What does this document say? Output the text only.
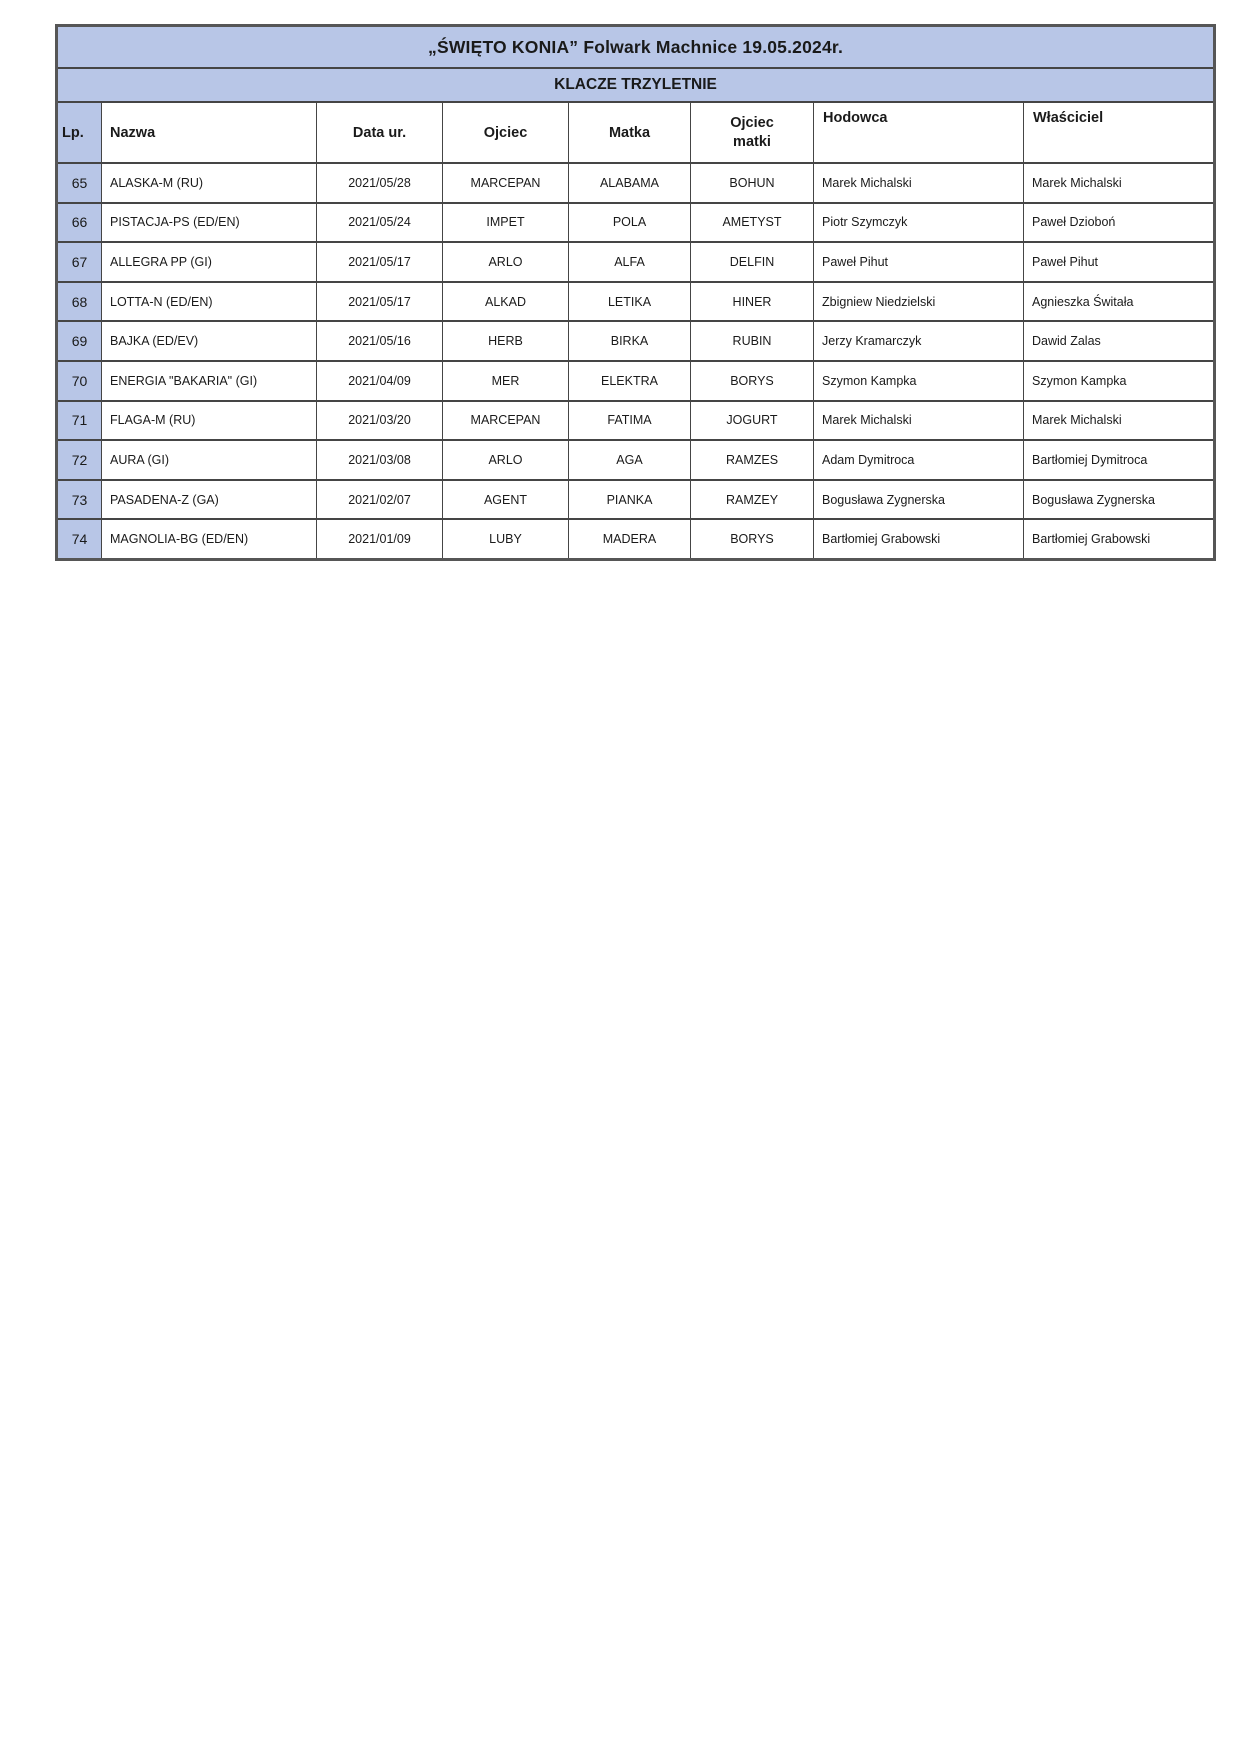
„ŚWIĘTO KONIA” Folwark Machnice 19.05.2024r.							
KLACZE TRZYLETNIE							
Lp.	Nazwa	Data ur.	Ojciec	Matka	Ojciec matki	Hodowca	Właściciel
65	ALASKA-M (RU)	2021/05/28	MARCEPAN	ALABAMA	BOHUN	Marek Michalski	Marek Michalski
66	PISTACJA-PS (ED/EN)	2021/05/24	IMPET	POLA	AMETYST	Piotr Szymczyk	Paweł Dzioboń
67	ALLEGRA PP (GI)	2021/05/17	ARLO	ALFA	DELFIN	Paweł Pihut	Paweł Pihut
68	LOTTA-N (ED/EN)	2021/05/17	ALKAD	LETIKA	HINER	Zbigniew Niedzielski	Agnieszka Świtała
69	BAJKA (ED/EV)	2021/05/16	HERB	BIRKA	RUBIN	Jerzy Kramarczyk	Dawid Zalas
70	ENERGIA "BAKARIA" (GI)	2021/04/09	MER	ELEKTRA	BORYS	Szymon Kampka	Szymon Kampka
71	FLAGA-M (RU)	2021/03/20	MARCEPAN	FATIMA	JOGURT	Marek Michalski	Marek Michalski
72	AURA (GI)	2021/03/08	ARLO	AGA	RAMZES	Adam Dymitroca	Bartłomiej Dymitroca
73	PASADENA-Z (GA)	2021/02/07	AGENT	PIANKA	RAMZEY	Bogusława Zygnerska	Bogusława Zygnerska
74	MAGNOLIA-BG (ED/EN)	2021/01/09	LUBY	MADERA	BORYS	Bartłomiej Grabowski	Bartłomiej Grabowski
